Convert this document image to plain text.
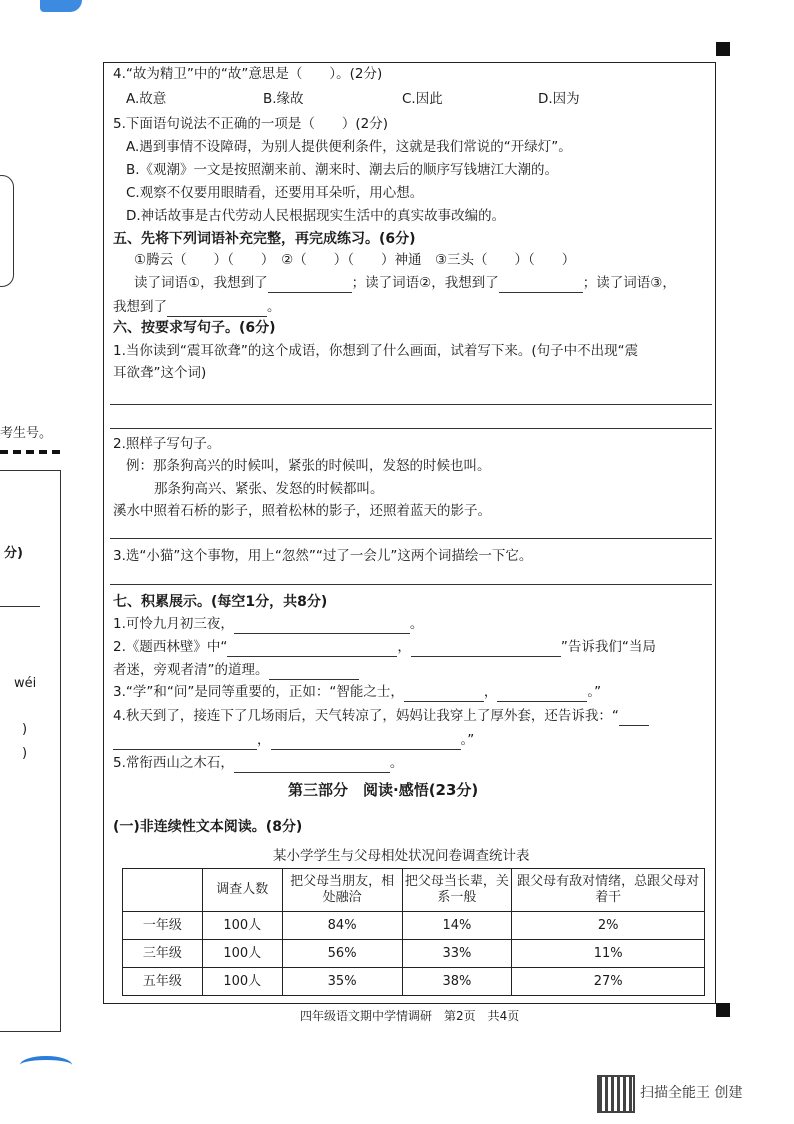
考生号。
分)
wéi
)
)
4.“故为精卫”中的“故”意思是（　　）。(2分)
A.故意	B.缘故	C.因此	D.因为
5.下面语句说法不正确的一项是（　　）(2分)
A.遇到事情不设障碍，为别人提供便利条件，这就是我们常说的“开绿灯”。
B.《观潮》一文是按照潮来前、潮来时、潮去后的顺序写钱塘江大潮的。
C.观察不仅要用眼睛看，还要用耳朵听，用心想。
D.神话故事是古代劳动人民根据现实生活中的真实故事改编的。
五、先将下列词语补充完整，再完成练习。(6分)
①腾云（　　）（　　）　②（　　）（　　）神通　③三头（　　）（　　）
读了词语①，我想到了	；读了词语②，我想到了	；读了词语③，
我想到了	。
六、按要求写句子。(6分)
1.当你读到“震耳欲聋”的这个成语，你想到了什么画面，试着写下来。(句子中不出现“震
耳欲聋”这个词)
2.照样子写句子。
例：那条狗高兴的时候叫，紧张的时候叫，发怒的时候也叫。
那条狗高兴、紧张、发怒的时候都叫。
溪水中照着石桥的影子，照着松林的影子，还照着蓝天的影子。
3.选“小猫”这个事物，用上“忽然”“过了一会儿”这两个词描绘一下它。
七、积累展示。(每空1分，共8分)
1.可怜九月初三夜，	。
2.《题西林壁》中“	，	”告诉我们“当局
者迷，旁观者清”的道理。
3.“学”和“问”是同等重要的，正如：“智能之士，	，	。”
4.秋天到了，接连下了几场雨后，天气转凉了，妈妈让我穿上了厚外套，还告诉我：“
，	。”
5.常衔西山之木石，	。
第三部分　阅读·感悟(23分)
(一)非连续性文本阅读。(8分)
某小学学生与父母相处状况问卷调查统计表
	调查人数	把父母当朋友，相处融洽	把父母当长辈，关系一般	跟父母有敌对情绪，总跟父母对着干
一年级	100人	84%	14%	2%
三年级	100人	56%	33%	11%
五年级	100人	35%	38%	27%
四年级语文期中学情调研　第2页　共4页
扫描全能王 创建
